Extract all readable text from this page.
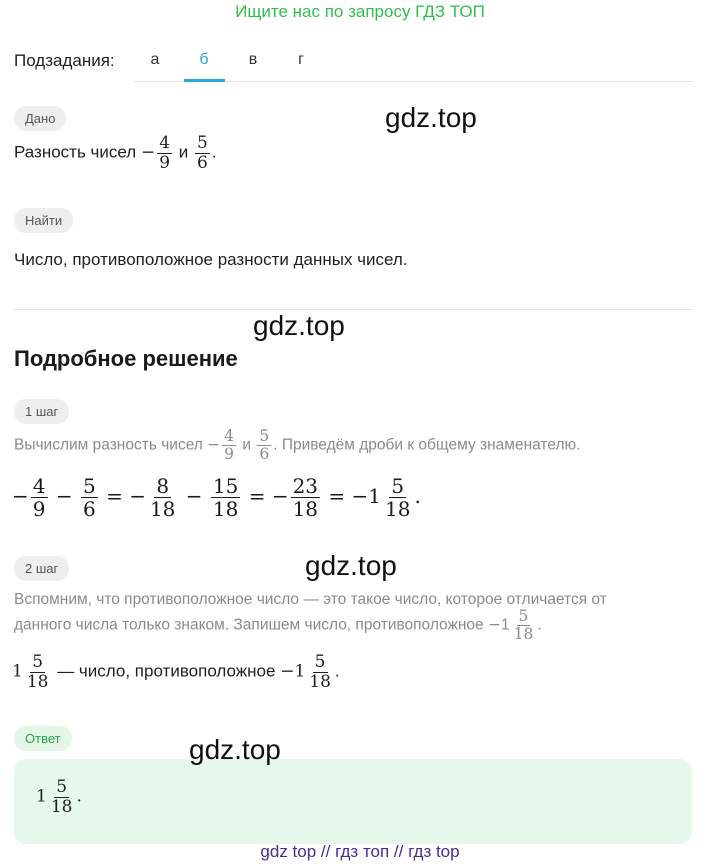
Ищите нас по запросу ГДЗ ТОП
Подзадания:	а	б	в	г
Дано
Разность чисел − $\frac{4}{9}$ и $\frac{5}{6}$ .
Найти
Число, противоположное разности данных чисел.
Подробное решение
1 шаг
Вычислим разность чисел − $\frac{4}{9}$ и $\frac{5}{6}$ . Приведём дроби к общему знаменателю.
− $\frac{4}{9} - \frac{5}{6}$ = − $\frac{8}{18} - \frac{15}{18}$ = − $\frac{23}{18} = -1 \frac{5}{18}$ .
2 шаг
Вспомним, что противоположное число — это такое число, которое отличается от
данного числа только знаком. Запишем число, противоположное $-1 \frac{5}{18}$ .
$1 \frac{5}{18}$ — число, противоположное $-1 \frac{5}{18}$ .
Ответ
$1 \frac{5}{18}$ .
gdz.top
gdz.top
gdz.top
gdz.top
gdz top // гдз топ // гдз top
